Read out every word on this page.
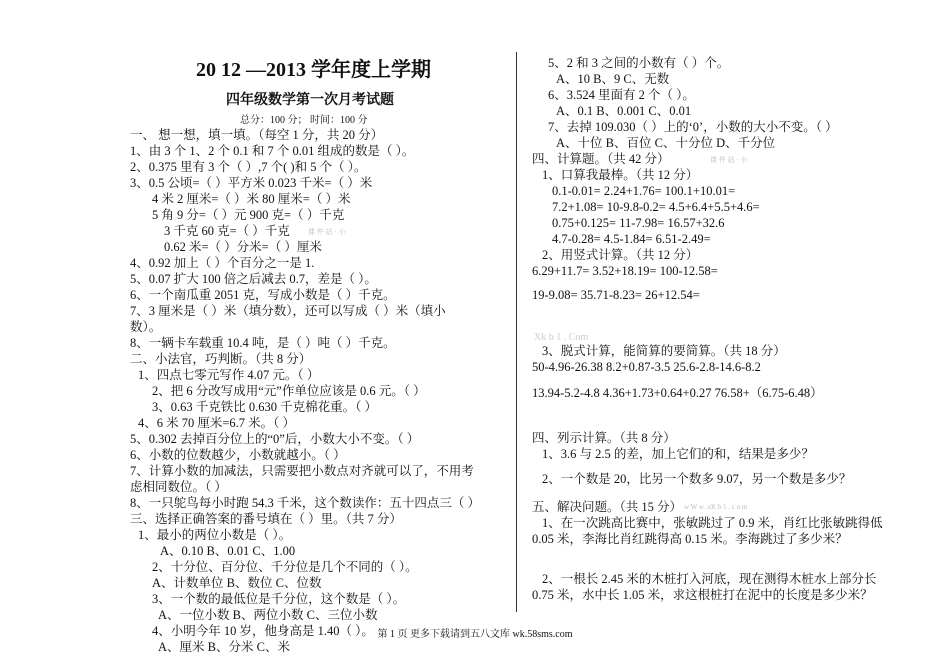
20 12 —2013 学年度上学期
四年级数学第一次月考试题
总分：100 分； 时间：100 分
一、 想一想，填一填。（每空 1 分，共 20 分）
1、由 3 个 1、2 个 0.1 和 7 个 0.01 组成的数是（ ）。
2、0.375 里有 3 个（ ）,7 个( )和 5 个（ ）。
3、0.5 公顷=（ ）平方米 0.023 千米=（ ）米
4 米 2 厘米=（ ）米 80 厘米=（ ）米
5 角 9 分=（ ）元 900 克=（ ）千克
3 千克 60 克=（ ）千克	课 件 站 · 小
0.62 米=（ ）分米=（ ）厘米
4、0.92 加上（ ）个百分之一是 1.
5、0.07 扩大 100 倍之后减去 0.7，差是（ ）。
6、一个南瓜重 2051 克，写成小数是（ ）千克。
7、3 厘米是（ ）米（填分数），还可以写成（ ）米（填小
数）。
8、一辆卡车载重 10.4 吨，是（ ）吨（ ）千克。
二、小法官，巧判断。（共 8 分）
1、四点七零元写作 4.07 元。（ ）
2、把 6 分改写成用“元”作单位应该是 0.6 元。（ ）
3、0.63 千克铁比 0.630 千克棉花重。（ ）
4、6 米 70 厘米=6.7 米。（ ）
5、0.302 去掉百分位上的“0”后，小数大小不变。（ ）
6、小数的位数越少，小数就越小。（ ）
7、计算小数的加减法，只需要把小数点对齐就可以了，不用考
虑相同数位。（ ）
8、一只鸵鸟每小时跑 54.3 千米，这个数读作：五十四点三（ ）
三、选择正确答案的番号填在（ ）里。（共 7 分）
1、最小的两位小数是（ ）。
A、0.10 B、0.01 C、1.00
2、十分位、百分位、千分位是几个不同的（ ）。
A、计数单位 B、数位 C、位数
3、一个数的最低位是千分位，这个数是（ ）。
A、一位小数 B、两位小数 C、三位小数
4、小明今年 10 岁，他身高是 1.40（ ）。
A、厘米 B、分米 C、米
5、2 和 3 之间的小数有（ ）个。
A、10 B、9 C、无数
6、3.524 里面有 2 个（ ）。
A、0.1 B、0.001 C、0.01
7、去掉 109.030（ ）上的‘0’，小数的大小不变。（ ）
A、十位 B、百位 C、十分位 D、千分位
四、计算题。（共 42 分）	课 件 站 · 小
1、口算我最棒。（共 12 分）
0.1-0.01= 2.24+1.76= 100.1+10.01=
7.2+1.08= 10-9.8-0.2= 4.5+6.4+5.5+4.6=
0.75+0.125= 11-7.98= 16.57+32.6
4.7-0.28= 4.5-1.84= 6.51-2.49=
2、用竖式计算。（共 12 分）
6.29+11.7= 3.52+18.19= 100-12.58=
19-9.08= 35.71-8.23= 26+12.54=
Xk b 1 . Com
3、脱式计算，能简算的要简算。（共 18 分）
50-4.96-26.38 8.2+0.87-3.5 25.6-2.8-14.6-8.2
13.94-5.2-4.8 4.36+1.73+0.64+0.27 76.58+（6.75-6.48）
四、列示计算。（共 8 分）
1、3.6 与 2.5 的差，加上它们的和，结果是多少？
2、一个数是 20，比另一个数多 9.07，另一个数是多少？
五、解决问题。（共 15 分） w W w .xK b 1 . c o m
1、在一次跳高比赛中，张敏跳过了 0.9 米，肖红比张敏跳得低
0.05 米，李海比肖红跳得高 0.15 米。李海跳过了多少米？
2、一根长 2.45 米的木桩打入河底，现在测得木桩水上部分长
0.75 米，水中长 1.05 米，求这根桩打在泥中的长度是多少米？
第 1 页 更多下载请到五八文库 wk.58sms.com
